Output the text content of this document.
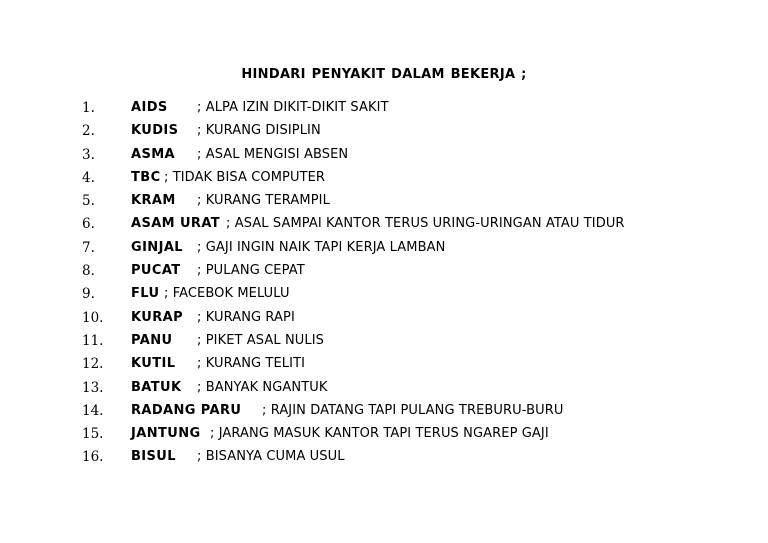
HINDARI PENYAKIT DALAM BEKERJA ;
1.	AIDS ; ALPA IZIN DIKIT-DIKIT SAKIT
2.	KUDIS ; KURANG DISIPLIN
3.	ASMA ; ASAL MENGISI ABSEN
4.	TBC ; TIDAK BISA COMPUTER
5.	KRAM ; KURANG TERAMPIL
6.	ASAM URAT ; ASAL SAMPAI KANTOR TERUS URING-URINGAN ATAU TIDUR
7.	GINJAL ; GAJI INGIN NAIK TAPI KERJA LAMBAN
8.	PUCAT ; PULANG CEPAT
9.	FLU ; FACEBOK MELULU
10. KURAP ; KURANG RAPI
11. PANU ; PIKET ASAL NULIS
12. KUTIL ; KURANG TELITI
13. BATUK ; BANYAK NGANTUK
14. RADANG PARU ; RAJIN DATANG TAPI PULANG TREBURU-BURU
15. JANTUNG ; JARANG MASUK KANTOR TAPI TERUS NGAREP GAJI
16. BISUL ; BISANYA CUMA USUL
